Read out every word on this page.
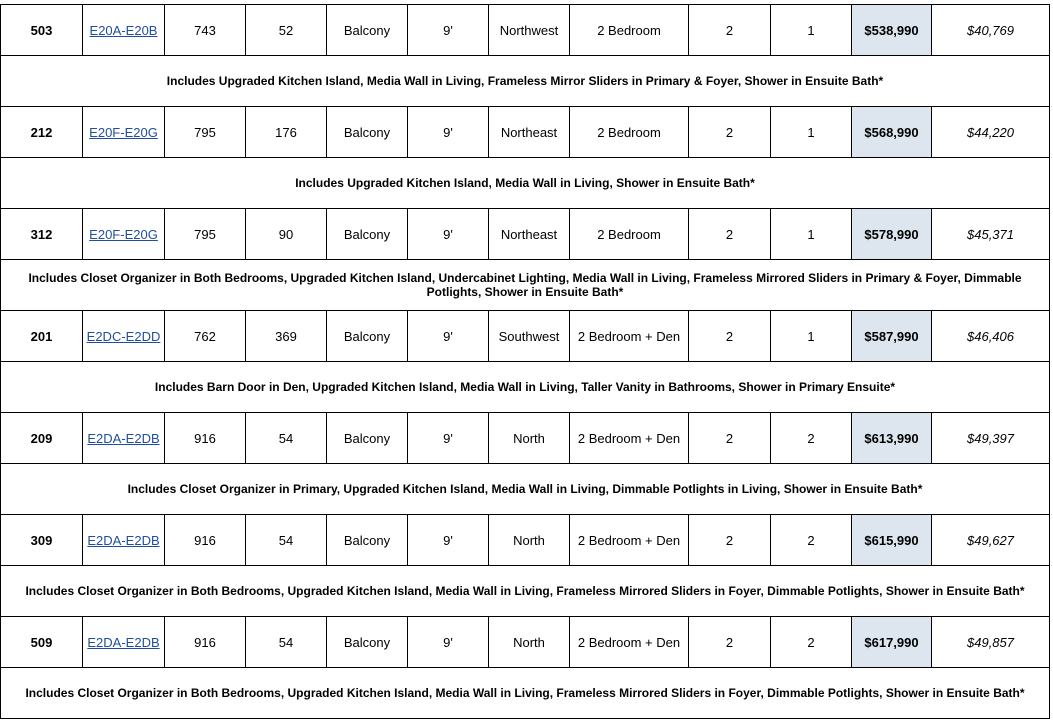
503	E20A-E20B	743	52	Balcony	9'	Northwest	2 Bedroom	2	1	$538,990	$40,769
Includes Upgraded Kitchen Island, Media Wall in Living, Frameless Mirror Sliders in Primary & Foyer, Shower in Ensuite Bath*											
212	E20F-E20G	795	176	Balcony	9'	Northeast	2 Bedroom	2	1	$568,990	$44,220
Includes Upgraded Kitchen Island, Media Wall in Living, Shower in Ensuite Bath*											
312	E20F-E20G	795	90	Balcony	9'	Northeast	2 Bedroom	2	1	$578,990	$45,371
Includes Closet Organizer in Both Bedrooms, Upgraded Kitchen Island, Undercabinet Lighting, Media Wall in Living, Frameless Mirrored Sliders in Primary & Foyer, Dimmable Potlights, Shower in Ensuite Bath*											
201	E2DC-E2DD	762	369	Balcony	9'	Southwest	2 Bedroom + Den	2	1	$587,990	$46,406
Includes Barn Door in Den, Upgraded Kitchen Island, Media Wall in Living, Taller Vanity in Bathrooms, Shower in Primary Ensuite*											
209	E2DA-E2DB	916	54	Balcony	9'	North	2 Bedroom + Den	2	2	$613,990	$49,397
Includes Closet Organizer in Primary, Upgraded Kitchen Island, Media Wall in Living, Dimmable Potlights in Living, Shower in Ensuite Bath*											
309	E2DA-E2DB	916	54	Balcony	9'	North	2 Bedroom + Den	2	2	$615,990	$49,627
Includes Closet Organizer in Both Bedrooms, Upgraded Kitchen Island, Media Wall in Living, Frameless Mirrored Sliders in Foyer, Dimmable Potlights, Shower in Ensuite Bath*											
509	E2DA-E2DB	916	54	Balcony	9'	North	2 Bedroom + Den	2	2	$617,990	$49,857
Includes Closet Organizer in Both Bedrooms, Upgraded Kitchen Island, Media Wall in Living, Frameless Mirrored Sliders in Foyer, Dimmable Potlights, Shower in Ensuite Bath*											
